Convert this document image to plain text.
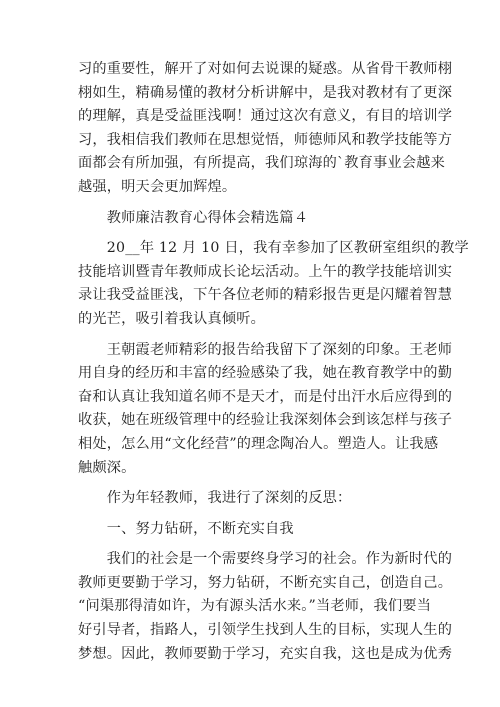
习的重要性，解开了对如何去说课的疑惑。从省骨干教师栩
栩如生，精确易懂的教材分析讲解中，是我对教材有了更深
的理解，真是受益匪浅啊！通过这次有意义，有目的培训学
习，我相信我们教师在思想觉悟，师德师风和教学技能等方
面都会有所加强，有所提高，我们琼海的`教育事业会越来
越强，明天会更加辉煌。
　　教师廉洁教育心得体会精选篇４
　　20__年 12 月 10 日，我有幸参加了区教研室组织的教学
技能培训暨青年教师成长论坛活动。上午的教学技能培训实
录让我受益匪浅，下午各位老师的精彩报告更是闪耀着智慧
的光芒，吸引着我认真倾听。
　　王朝霞老师精彩的报告给我留下了深刻的印象。王老师
用自身的经历和丰富的经验感染了我，她在教育教学中的勤
奋和认真让我知道名师不是天才，而是付出汗水后应得到的
收获，她在班级管理中的经验让我深刻体会到该怎样与孩子
相处，怎么用“文化经营”的理念陶冶人。塑造人。让我感
触颇深。
　　作为年轻教师，我进行了深刻的反思：
　　一、努力钻研，不断充实自我
　　我们的社会是一个需要终身学习的社会。作为新时代的
教师更要勤于学习，努力钻研，不断充实自己，创造自己。
“问渠那得清如许，为有源头活水来。”当老师，我们要当
好引导者，指路人，引领学生找到人生的目标，实现人生的
梦想。因此，教师要勤于学习，充实自我，这也是成为优秀
